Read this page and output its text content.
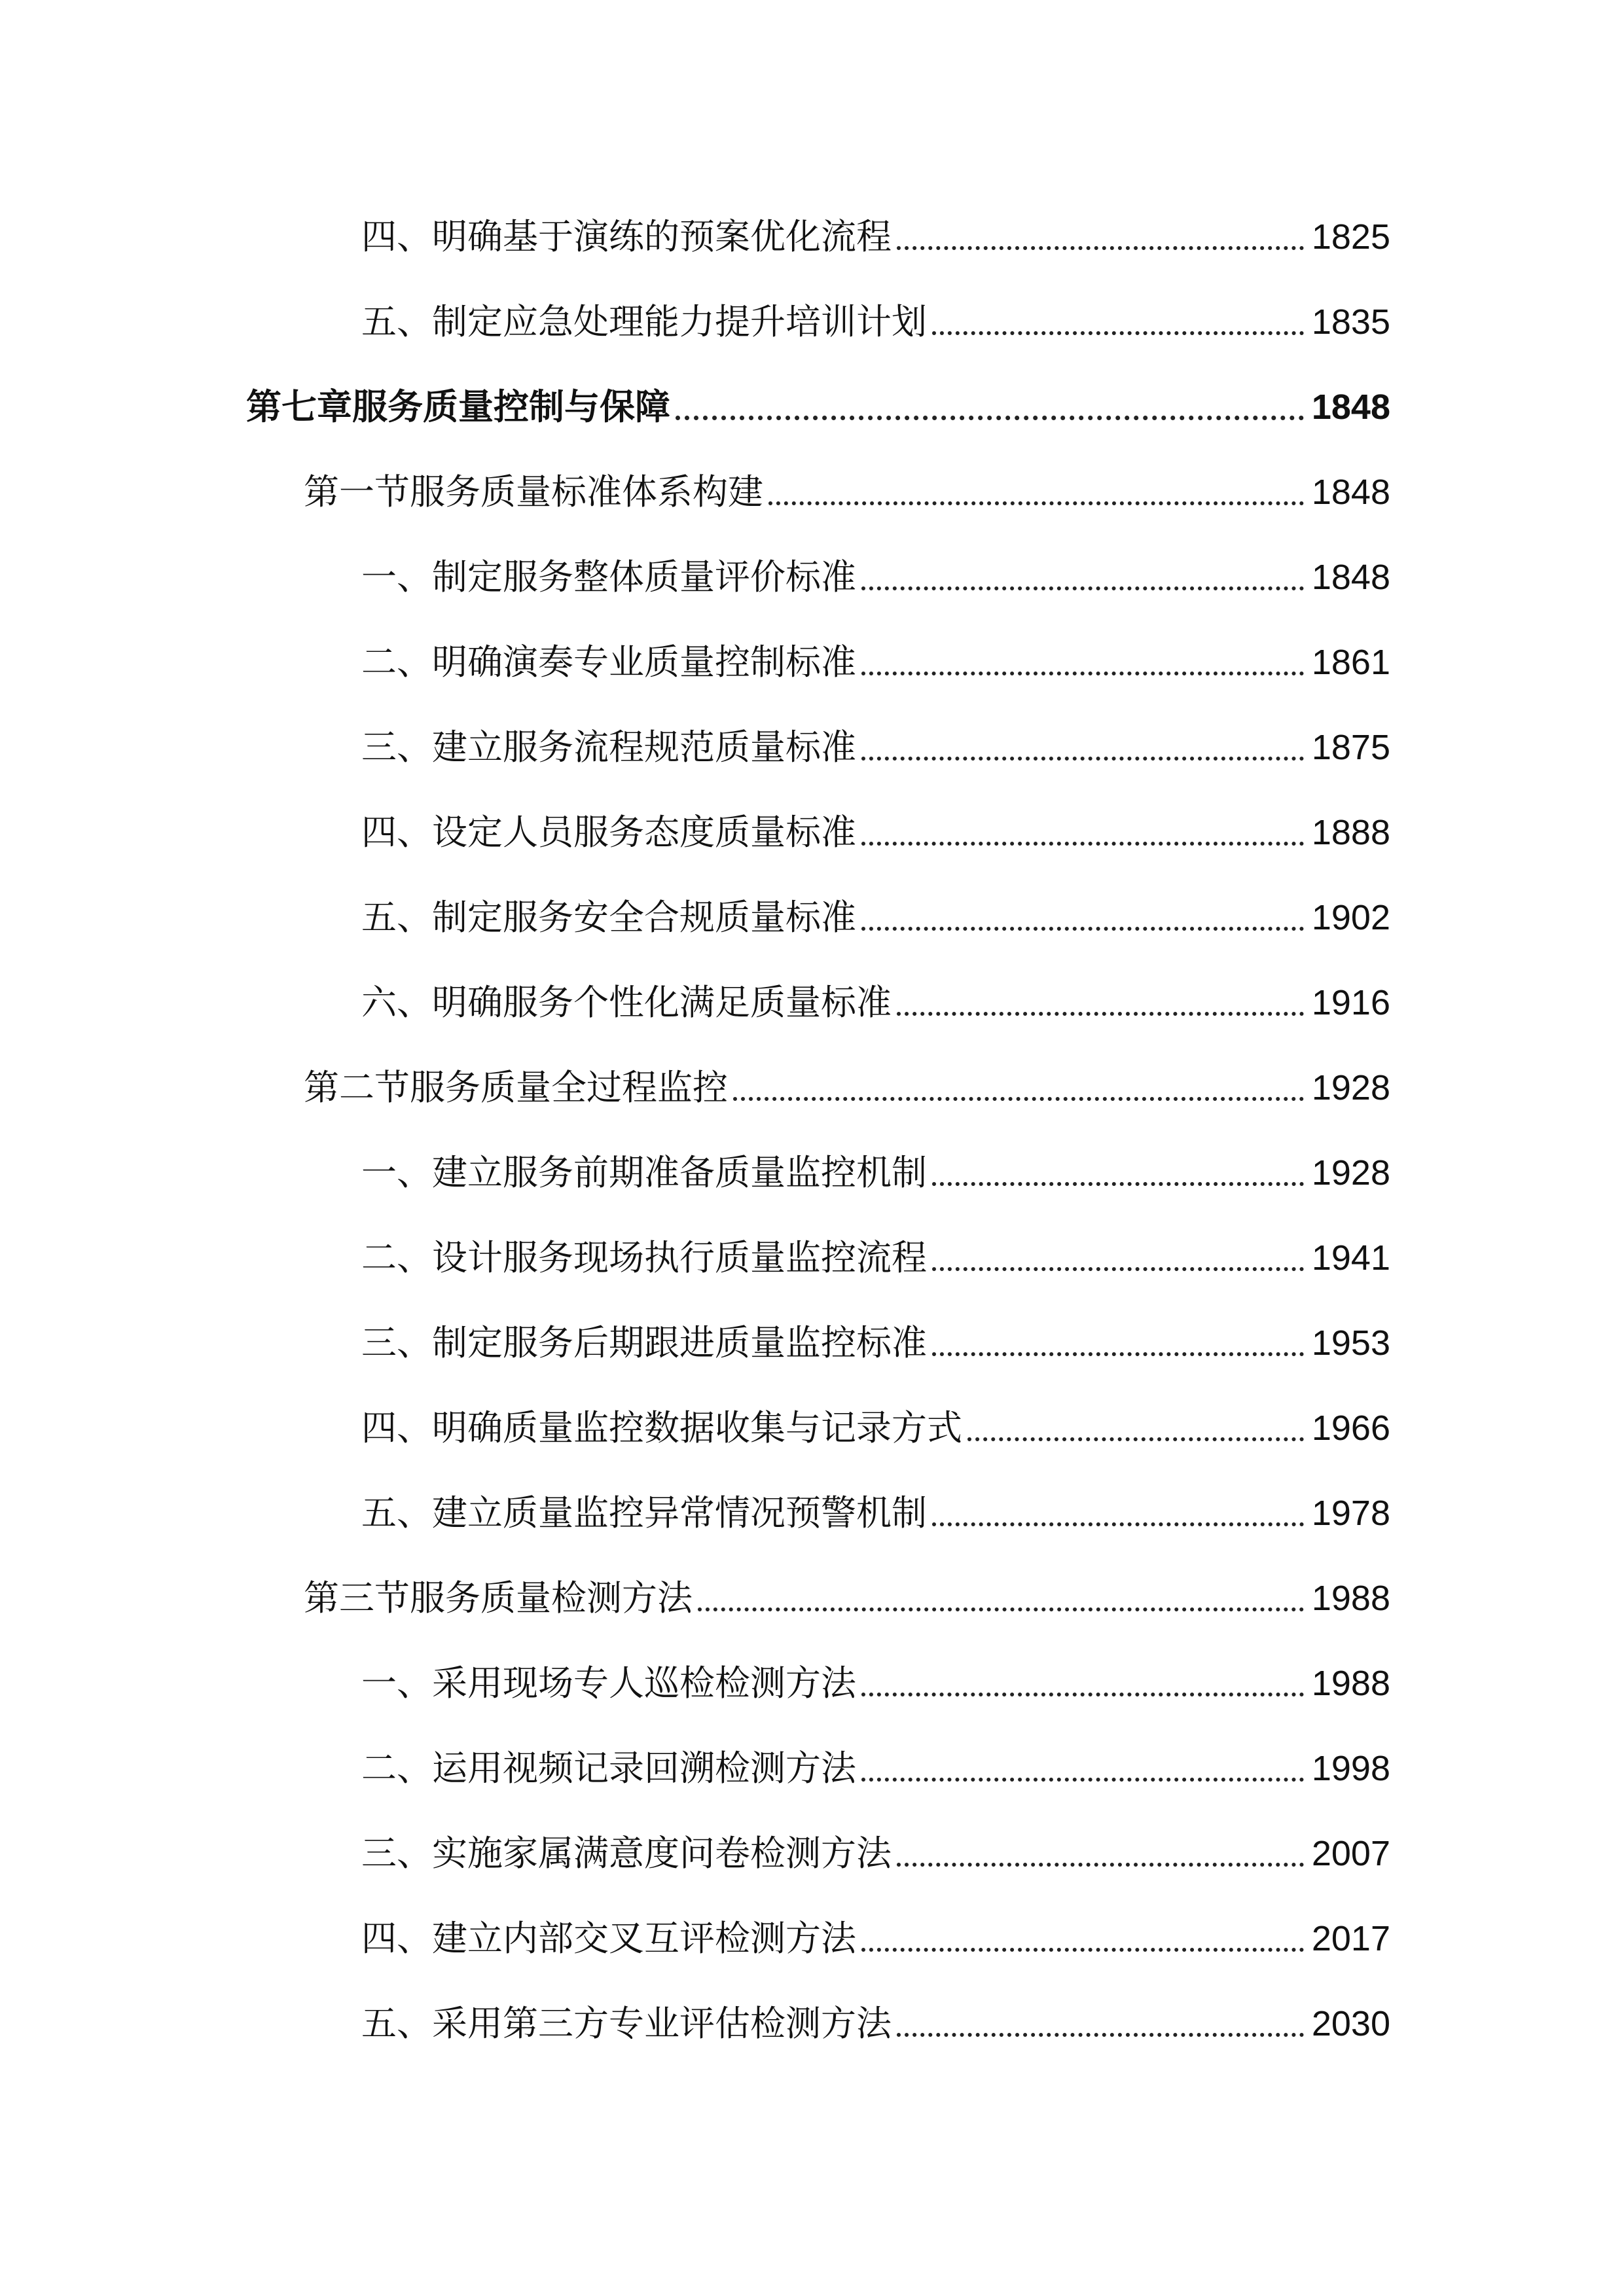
四、明确基于演练的预案优化流程	1825
五、制定应急处理能力提升培训计划	1835
第七章服务质量控制与保障	1848
第一节服务质量标准体系构建	1848
一、制定服务整体质量评价标准	1848
二、明确演奏专业质量控制标准	1861
三、建立服务流程规范质量标准	1875
四、设定人员服务态度质量标准	1888
五、制定服务安全合规质量标准	1902
六、明确服务个性化满足质量标准	1916
第二节服务质量全过程监控	1928
一、建立服务前期准备质量监控机制	1928
二、设计服务现场执行质量监控流程	1941
三、制定服务后期跟进质量监控标准	1953
四、明确质量监控数据收集与记录方式	1966
五、建立质量监控异常情况预警机制	1978
第三节服务质量检测方法	1988
一、采用现场专人巡检检测方法	1988
二、运用视频记录回溯检测方法	1998
三、实施家属满意度问卷检测方法	2007
四、建立内部交叉互评检测方法	2017
五、采用第三方专业评估检测方法	2030
